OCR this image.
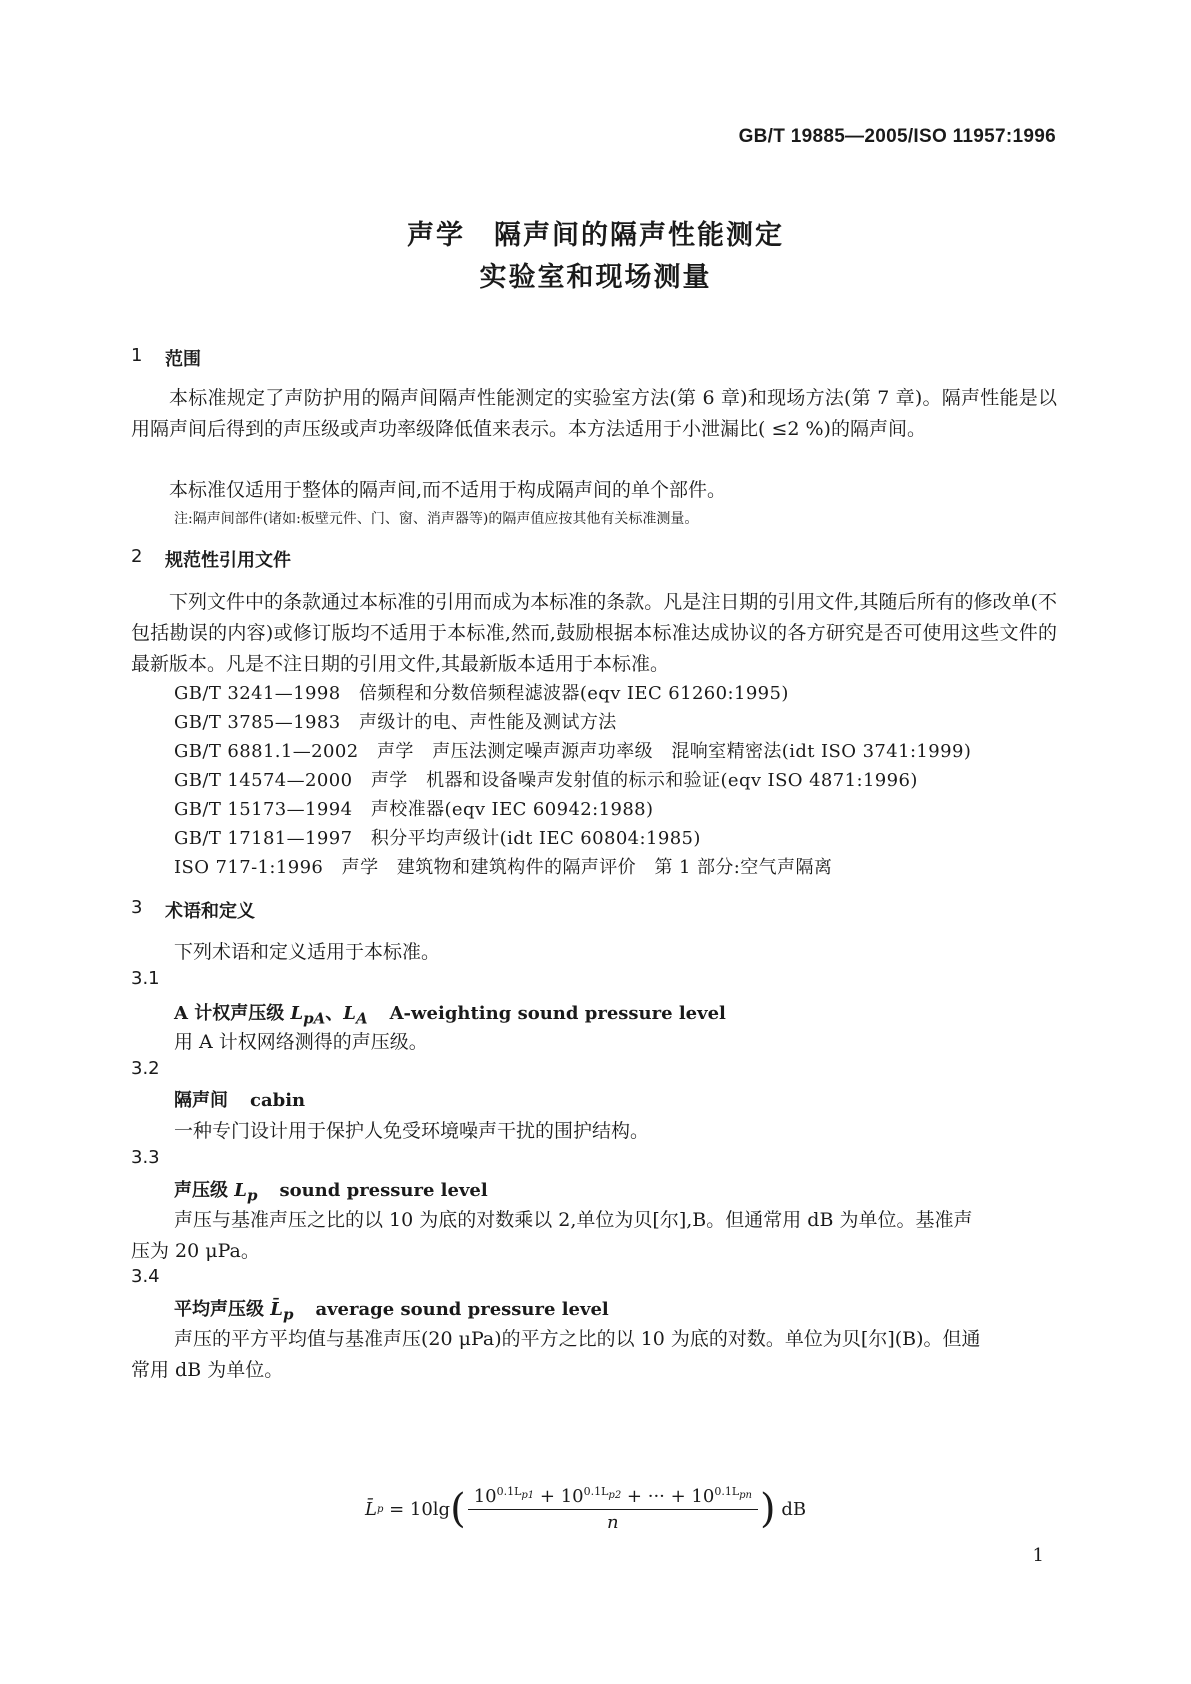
GB/T 19885—2005/ISO 11957:1996
声学　隔声间的隔声性能测定
实验室和现场测量
1 范围
本标准规定了声防护用的隔声间隔声性能测定的实验室方法(第 6 章)和现场方法(第 7 章)。隔声性能是以用隔声间后得到的声压级或声功率级降低值来表示。本方法适用于小泄漏比( ≤2 %)的隔声间。
本标准仅适用于整体的隔声间,而不适用于构成隔声间的单个部件。
注:隔声间部件(诸如:板壁元件、门、窗、消声器等)的隔声值应按其他有关标准测量。
2 规范性引用文件
下列文件中的条款通过本标准的引用而成为本标准的条款。凡是注日期的引用文件,其随后所有的修改单(不包括勘误的内容)或修订版均不适用于本标准,然而,鼓励根据本标准达成协议的各方研究是否可使用这些文件的最新版本。凡是不注日期的引用文件,其最新版本适用于本标准。
GB/T 3241—1998　倍频程和分数倍频程滤波器(eqv IEC 61260:1995)
GB/T 3785—1983　声级计的电、声性能及测试方法
GB/T 6881.1—2002　声学　声压法测定噪声源声功率级　混响室精密法(idt ISO 3741:1999)
GB/T 14574—2000　声学　机器和设备噪声发射值的标示和验证(eqv ISO 4871:1996)
GB/T 15173—1994　声校准器(eqv IEC 60942:1988)
GB/T 17181—1997　积分平均声级计(idt IEC 60804:1985)
ISO 717-1:1996　声学　建筑物和建筑构件的隔声评价　第 1 部分:空气声隔离
3 术语和定义
下列术语和定义适用于本标准。
3.1
A 计权声压级 $L_{pA}$、$L_A$ A-weighting sound pressure level
用 A 计权网络测得的声压级。
3.2
隔声间 cabin
一种专门设计用于保护人免受环境噪声干扰的围护结构。
3.3
声压级 $L_p$ sound pressure level
声压与基准声压之比的以 10 为底的对数乘以 2,单位为贝[尔],B。但通常用 dB 为单位。基准声
压为 20 μPa。
3.4
平均声压级 $L̄_p$ average sound pressure level
声压的平方平均值与基准声压(20 μPa)的平方之比的以 10 为底的对数。单位为贝[尔](B)。但通
常用 dB 为单位。
L̄ p = 10lg ( $\frac{10^{0.1L_{p1}} + 10^{0.1L_{p2}} + \cdot\cdot\cdot + 10^{0.1L_{pn}}}{n}$ ) dB
1
